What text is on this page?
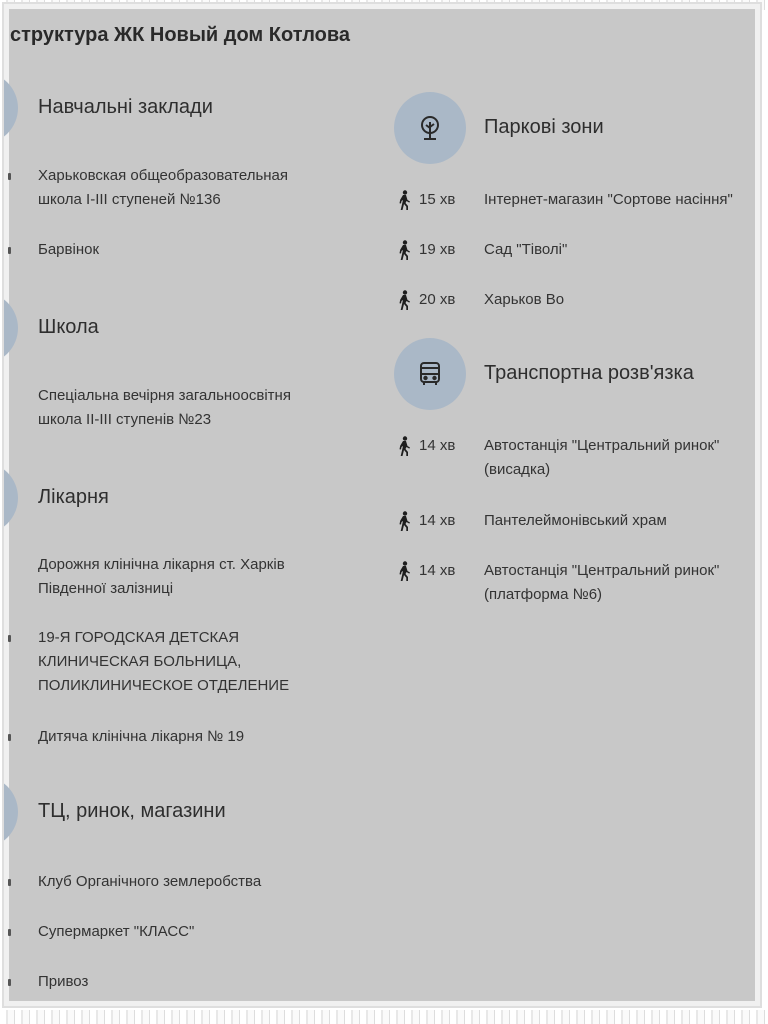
структура ЖК Новый дом Котлова
Навчальні заклади
Харьковская общеобразовательная
школа I-III ступеней №136
Барвінок
Школа
Спеціальна вечірня загальноосвітня
школа II-III ступенів №23
Лікарня
Дорожня клінічна лікарня ст. Харків
Південної залізниці
19-Я ГОРОДСКАЯ ДЕТСКАЯ
КЛИНИЧЕСКАЯ БОЛЬНИЦА,
ПОЛИКЛИНИЧЕСКОЕ ОТДЕЛЕНИЕ
Дитяча клінічна лікарня № 19
ТЦ, ринок, магазини
Клуб Органічного землеробства
Супермаркет "КЛАСС"
Привоз
Паркові зони
15 хв Інтернет-магазин "Сортове насіння"
19 хв Сад "Тіволі"
20 хв Харьков Во
Транспортна розв'язка
14 хв Автостанція "Центральний ринок"
(висадка)
14 хв Пантелеймонівський храм
14 хв Автостанція "Центральний ринок"
(платформа №6)
